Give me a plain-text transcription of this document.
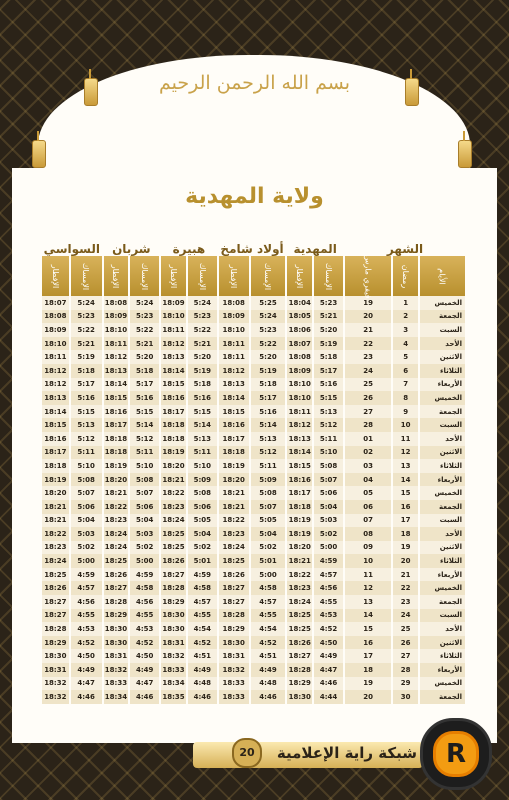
بسم الله الرحمن الرحيم
ولاية المهدية
الشهر			المهدية		أولاد شامخ		هبيرة		شربان		السواسي	
الأيام	رمضان	فيفري مارس	الإمساك	الإفطار	الإمساك	الإفطار	الإمساك	الإفطار	الإمساك	الإفطار	الإمساك	الإفطار
الخميس	1	19	5:23	18:04	5:25	18:08	5:24	18:09	5:24	18:08	5:24	18:07
الجمعة	2	20	5:21	18:05	5:24	18:09	5:23	18:10	5:23	18:09	5:23	18:08
السبت	3	21	5:20	18:06	5:23	18:10	5:22	18:11	5:22	18:10	5:22	18:09
الأحد	4	22	5:19	18:07	5:22	18:11	5:21	18:12	5:21	18:11	5:21	18:10
الاثنين	5	23	5:18	18:08	5:20	18:11	5:20	18:13	5:20	18:12	5:19	18:11
الثلاثاء	6	24	5:17	18:09	5:19	18:12	5:19	18:14	5:18	18:13	5:18	18:12
الأربعاء	7	25	5:16	18:10	5:18	18:13	5:18	18:15	5:17	18:14	5:17	18:12
الخميس	8	26	5:15	18:10	5:17	18:14	5:16	18:16	5:16	18:15	5:16	18:13
الجمعة	9	27	5:13	18:11	5:16	18:15	5:15	18:17	5:15	18:16	5:15	18:14
السبت	10	28	5:12	18:12	5:14	18:16	5:14	18:18	5:14	18:17	5:13	18:15
الأحد	11	01	5:11	18:13	5:13	18:17	5:13	18:18	5:12	18:18	5:12	18:16
الاثنين	12	02	5:10	18:14	5:12	18:18	5:11	18:19	5:11	18:18	5:11	18:17
الثلاثاء	13	03	5:08	18:15	5:11	18:19	5:10	18:20	5:10	18:19	5:10	18:18
الأربعاء	14	04	5:07	18:16	5:09	18:20	5:09	18:21	5:08	18:20	5:08	18:19
الخميس	15	05	5:06	18:17	5:08	18:21	5:08	18:22	5:07	18:21	5:07	18:20
الجمعة	16	06	5:04	18:18	5:07	18:21	5:06	18:23	5:06	18:22	5:06	18:21
السبت	17	07	5:03	18:19	5:05	18:22	5:05	18:24	5:04	18:23	5:04	18:21
الأحد	18	08	5:02	18:19	5:04	18:23	5:04	18:25	5:03	18:24	5:03	18:22
الاثنين	19	09	5:00	18:20	5:02	18:24	5:02	18:25	5:02	18:24	5:02	18:23
الثلاثاء	20	10	4:59	18:21	5:01	18:25	5:01	18:26	5:00	18:25	5:00	18:24
الأربعاء	21	11	4:57	18:22	5:00	18:26	4:59	18:27	4:59	18:26	4:59	18:25
الخميس	22	12	4:56	18:23	4:58	18:27	4:58	18:28	4:58	18:27	4:57	18:26
الجمعة	23	13	4:55	18:24	4:57	18:27	4:57	18:29	4:56	18:28	4:56	18:27
السبت	24	14	4:53	18:25	4:55	18:28	4:55	18:30	4:55	18:29	4:55	18:27
الأحد	25	15	4:52	18:25	4:54	18:29	4:54	18:30	4:53	18:30	4:53	18:28
الاثنين	26	16	4:50	18:26	4:52	18:30	4:52	18:31	4:52	18:30	4:52	18:29
الثلاثاء	27	17	4:49	18:27	4:51	18:31	4:51	18:32	4:50	18:31	4:50	18:30
الأربعاء	28	18	4:47	18:28	4:49	18:32	4:49	18:33	4:49	18:32	4:49	18:31
الخميس	29	19	4:46	18:29	4:48	18:33	4:48	18:34	4:47	18:33	4:47	18:32
الجمعة	30	20	4:44	18:30	4:46	18:33	4:46	18:35	4:46	18:34	4:46	18:32
شبكة راية الإعلامية
20	R
